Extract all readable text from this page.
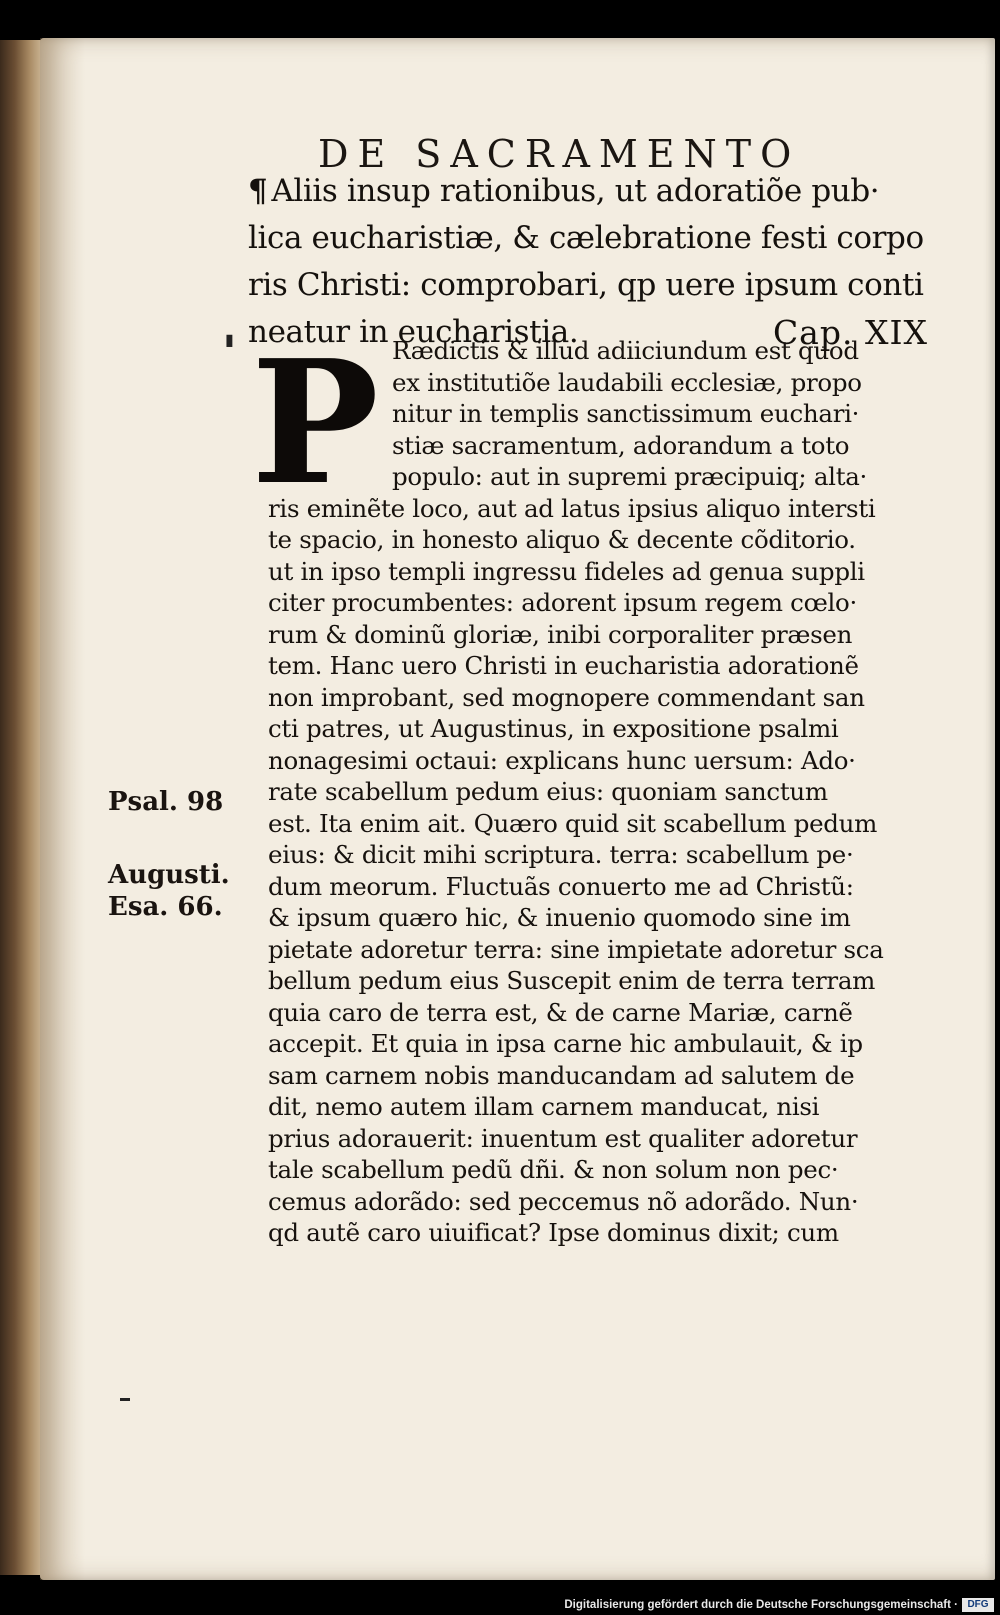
DE SACRAMENTO
¶ Aliis insup rationibus, ut adoratiõe pub·
lica eucharistiæ, & cælebratione festi corpo
ris Christi: comprobari, qp uere ipsum conti
neatur in eucharistia.	Cap. XIX
▮ P Rædictis & illud adiiciundum est quod
ex institutiõe laudabili ecclesiæ, propo
nitur in templis sanctissimum euchari·
stiæ sacramentum, adorandum a toto
populo: aut in supremi præcipuiq; alta·
ris eminẽte loco, aut ad latus ipsius aliquo intersti
te spacio, in honesto aliquo & decente cõditorio.
ut in ipso templi ingressu fideles ad genua suppli
citer procumbentes: adorent ipsum regem cœlo·
rum & dominũ gloriæ, inibi corporaliter præsen
tem. Hanc uero Christi in eucharistia adorationẽ
non improbant, sed mognopere commendant san
cti patres, ut Augustinus, in expositione psalmi
nonagesimi octaui: explicans hunc uersum: Ado·
rate scabellum pedum eius: quoniam sanctum
est. Ita enim ait. Quæro quid sit scabellum pedum
eius: & dicit mihi scriptura. terra: scabellum pe·
dum meorum. Fluctuãs conuerto me ad Christũ:
& ipsum quæro hic, & inuenio quomodo sine im
pietate adoretur terra: sine impietate adoretur sca
bellum pedum eius Suscepit enim de terra terram
quia caro de terra est, & de carne Mariæ, carnẽ
accepit. Et quia in ipsa carne hic ambulauit, & ip
sam carnem nobis manducandam ad salutem de
dit, nemo autem illam carnem manducat, nisi
prius adorauerit: inuentum est qualiter adoretur
tale scabellum pedũ dñi. & non solum non pec·
cemus adorãdo: sed peccemus nõ adorãdo. Nun·
qd autẽ caro uiuificat? Ipse dominus dixit; cum
Psal. 98
Augusti.
Esa. 66.
Digitalisierung gefördert durch die Deutsche Forschungsgemeinschaft · DFG
